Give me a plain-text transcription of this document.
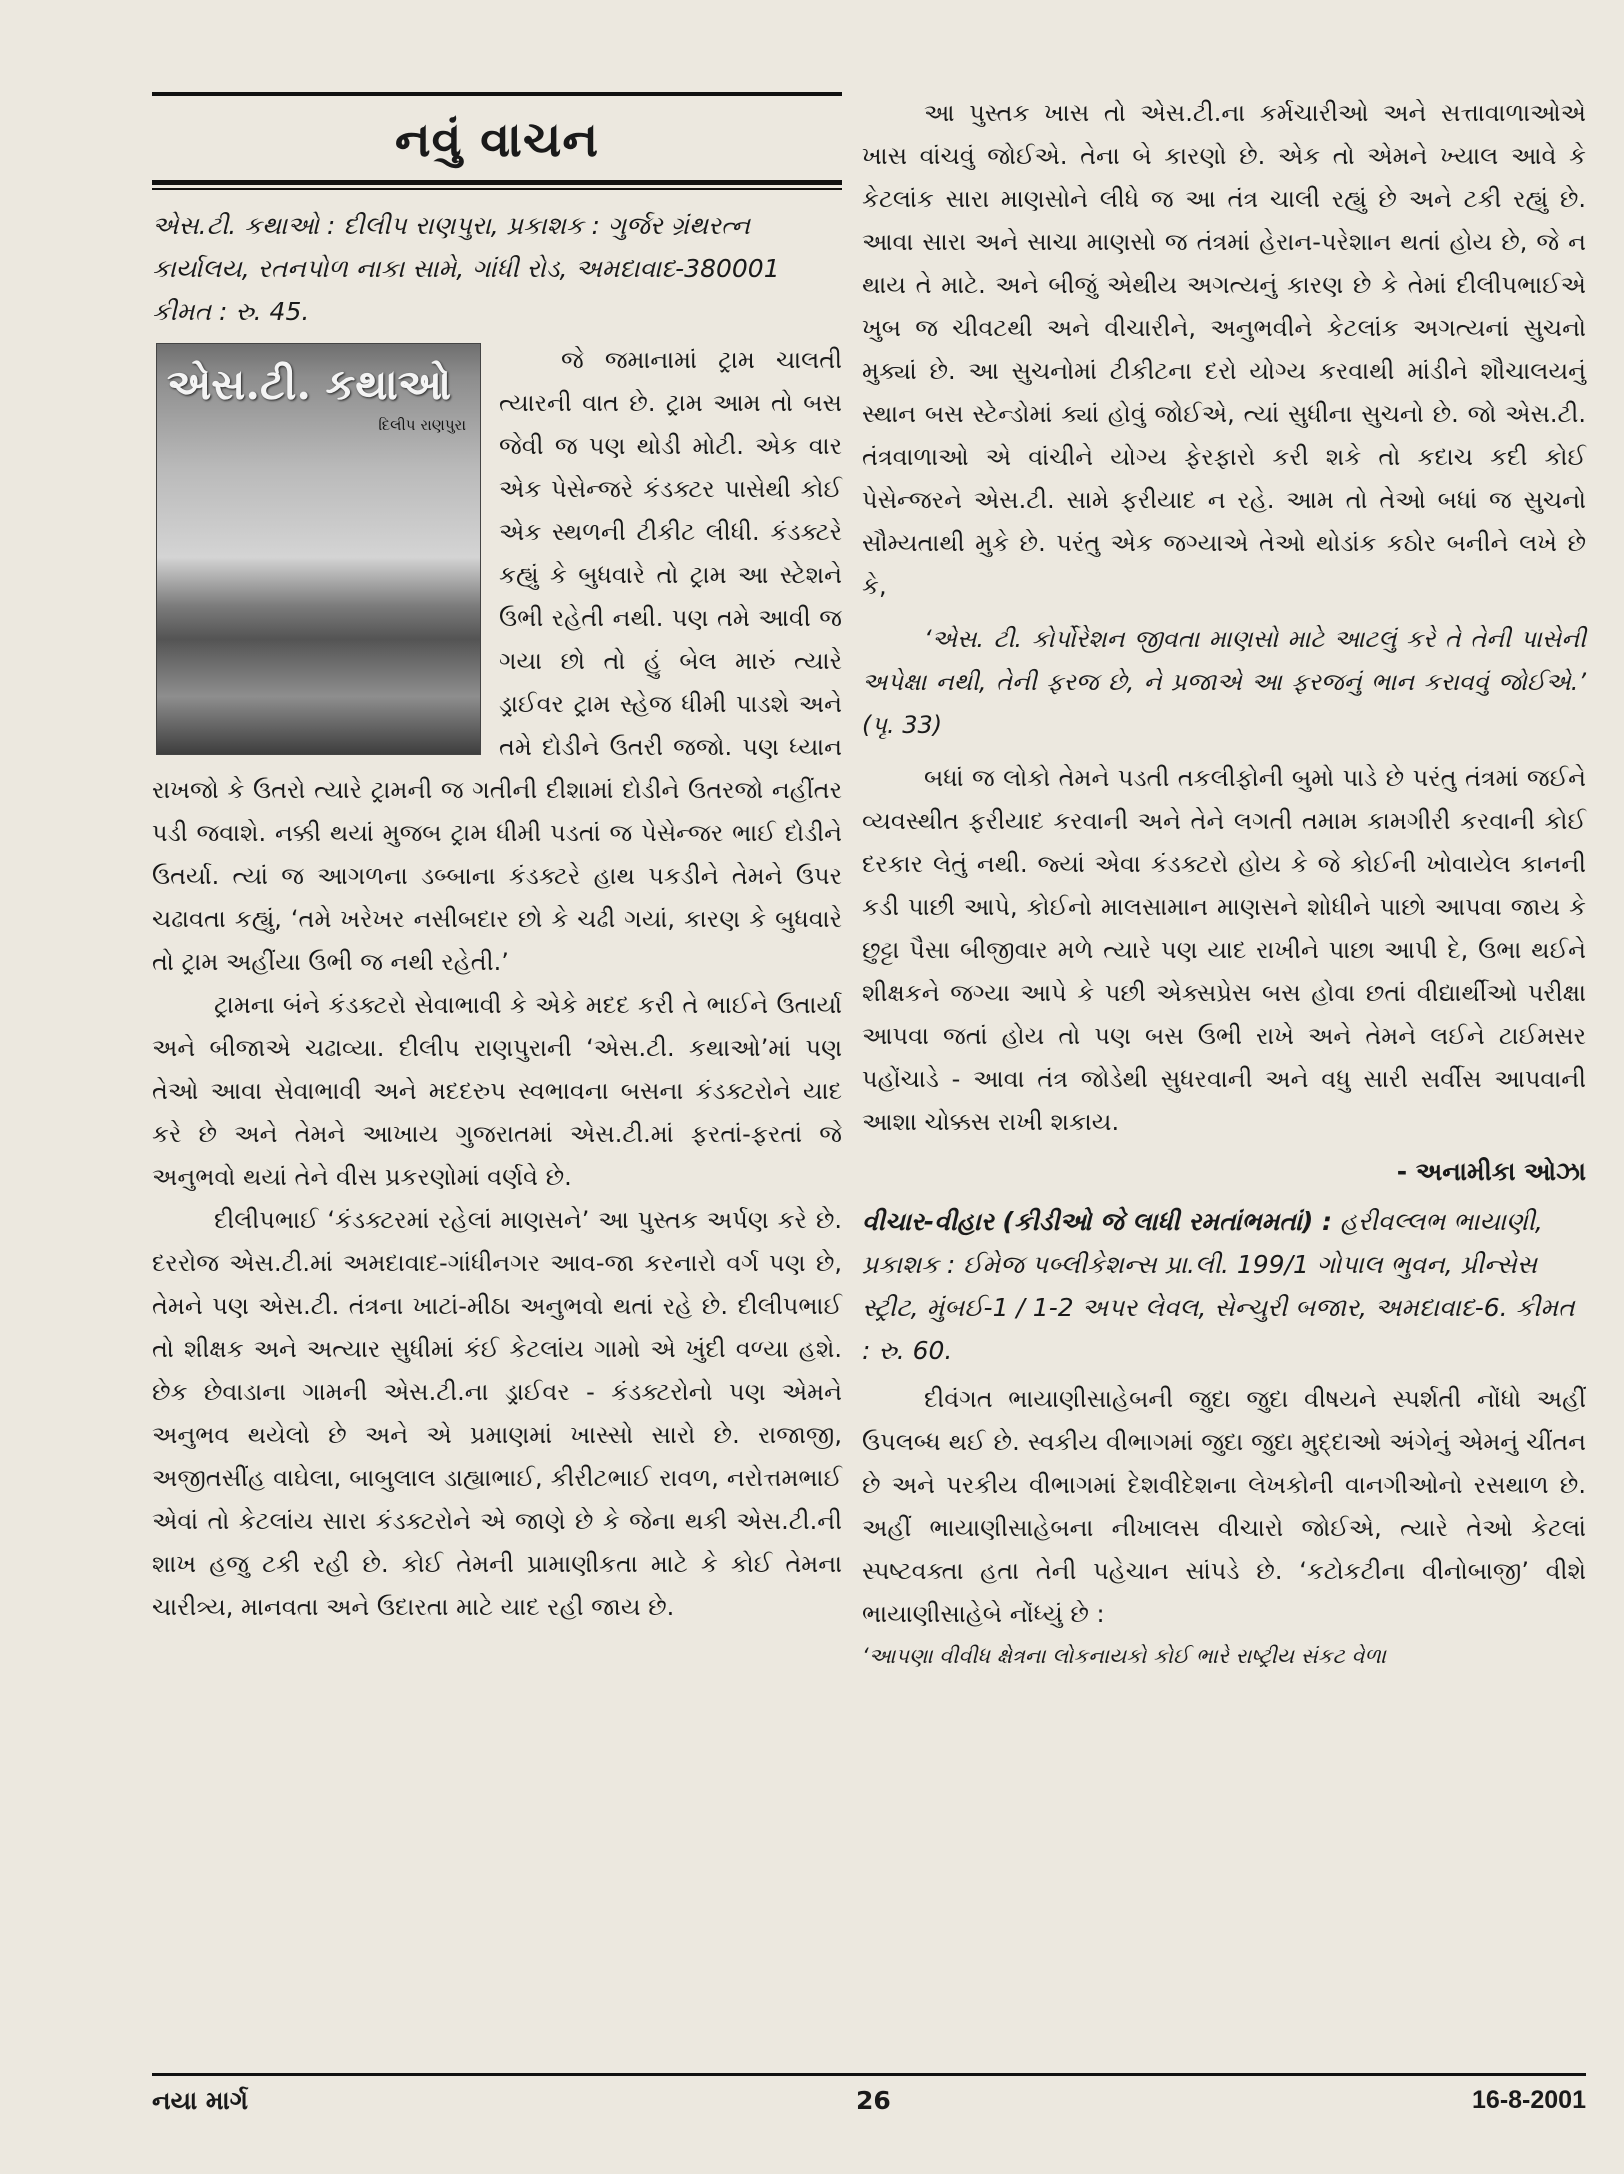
નવું વાચન

એસ.ટી. કથાઓ : દીલીપ રાણપુરા, પ્રકાશક : ગુર્જર ગ્રંથરત્ન કાર્યાલય, રતનપોળ નાકા સામે, ગાંધી રોડ, અમદાવાદ-380001 કીમત : રુ. 45.

એસ.ટી. કથાઓ
દિલીપ રાણપુરા

જે જમાનામાં ટ્રામ ચાલતી ત્યારની વાત છે. ટ્રામ આમ તો બસ જેવી જ પણ થોડી મોટી. એક વાર એક પેસેન્જરે કંડક્ટર પાસેથી કોઈ એક સ્થળની ટીકીટ લીધી. કંડક્ટરે કહ્યું કે બુધવારે તો ટ્રામ આ સ્ટેશને ઉભી રહેતી નથી. પણ તમે આવી જ ગયા છો તો હું બેલ મારું ત્યારે ડ્રાઈવર ટ્રામ સ્હેજ ધીમી પાડશે અને તમે દોડીને ઉતરી જજો. પણ ધ્યાન રાખજો કે ઉતરો ત્યારે ટ્રામની જ ગતીની દીશામાં દોડીને ઉતરજો નહીંતર પડી જવાશે. નક્કી થયાં મુજબ ટ્રામ ધીમી પડતાં જ પેસેન્જર ભાઈ દોડીને ઉતર્યા. ત્યાં જ આગળના ડબ્બાના કંડક્ટરે હાથ પકડીને તેમને ઉપર ચઢાવતા કહ્યું, ‘તમે ખરેખર નસીબદાર છો કે ચઢી ગયાં, કારણ કે બુધવારે તો ટ્રામ અહીંયા ઉભી જ નથી રહેતી.’

ટ્રામના બંને કંડક્ટરો સેવાભાવી કે એકે મદદ કરી તે ભાઈને ઉતાર્યા અને બીજાએ ચઢાવ્યા. દીલીપ રાણપુરાની ‘એસ.ટી. કથાઓ’માં પણ તેઓ આવા સેવાભાવી અને મદદરુપ સ્વભાવના બસના કંડક્ટરોને યાદ કરે છે અને તેમને આખાય ગુજરાતમાં એસ.ટી.માં ફરતાં-ફરતાં જે અનુભવો થયાં તેને વીસ પ્રકરણોમાં વર્ણવે છે.

દીલીપભાઈ ‘કંડક્ટરમાં રહેલાં માણસને’ આ પુસ્તક અર્પણ કરે છે. દરરોજ એસ.ટી.માં અમદાવાદ-ગાંધીનગર આવ-જા કરનારો વર્ગ પણ છે, તેમને પણ એસ.ટી. તંત્રના ખાટાં-મીઠા અનુભવો થતાં રહે છે. દીલીપભાઈ તો શીક્ષક અને અત્યાર સુધીમાં કંઈ કેટલાંય ગામો એ ખુંદી વળ્યા હશે. છેક છેવાડાના ગામની એસ.ટી.ના ડ્રાઈવર - કંડક્ટરોનો પણ એમને અનુભવ થયેલો છે અને એ પ્રમાણમાં ખાસ્સો સારો છે. રાજાજી, અજીતસીંહ વાઘેલા, બાબુલાલ ડાહ્યાભાઈ, કીરીટભાઈ રાવળ, નરોત્તમભાઈ એવાં તો કેટલાંય સારા કંડક્ટરોને એ જાણે છે કે જેના થકી એસ.ટી.ની શાખ હજુ ટકી રહી છે. કોઈ તેમની પ્રામાણીકતા માટે કે કોઈ તેમના ચારીત્ર્ય, માનવતા અને ઉદારતા માટે યાદ રહી જાય છે.

આ પુસ્તક ખાસ તો એસ.ટી.ના કર્મચારીઓ અને સત્તાવાળાઓએ ખાસ વાંચવું જોઈએ. તેના બે કારણો છે. એક તો એમને ખ્યાલ આવે કે કેટલાંક સારા માણસોને લીધે જ આ તંત્ર ચાલી રહ્યું છે અને ટકી રહ્યું છે. આવા સારા અને સાચા માણસો જ તંત્રમાં હેરાન-પરેશાન થતાં હોય છે, જે ન થાય તે માટે. અને બીજું એથીય અગત્યનું કારણ છે કે તેમાં દીલીપભાઈએ ખુબ જ ચીવટથી અને વીચારીને, અનુભવીને કેટલાંક અગત્યનાં સુચનો મુક્યાં છે. આ સુચનોમાં ટીકીટના દરો યોગ્ય કરવાથી માંડીને શૌચાલયનું સ્થાન બસ સ્ટેન્ડોમાં ક્યાં હોવું જોઈએ, ત્યાં સુધીના સુચનો છે. જો એસ.ટી. તંત્રવાળાઓ એ વાંચીને યોગ્ય ફેરફારો કરી શકે તો કદાચ કદી કોઈ પેસેન્જરને એસ.ટી. સામે ફરીયાદ ન રહે. આમ તો તેઓ બધાં જ સુચનો સૌમ્યતાથી મુકે છે. પરંતુ એક જગ્યાએ તેઓ થોડાંક કઠોર બનીને લખે છે કે,

‘એસ. ટી. કોર્પોરેશન જીવતા માણસો માટે આટલું કરે તે તેની પાસેની અપેક્ષા નથી, તેની ફરજ છે, ને પ્રજાએ આ ફરજનું ભાન કરાવવું જોઈએ.’ (પૃ. 33)

બધાં જ લોકો તેમને પડતી તકલીફોની બુમો પાડે છે પરંતુ તંત્રમાં જઈને વ્યવસ્થીત ફરીયાદ કરવાની અને તેને લગતી તમામ કામગીરી કરવાની કોઈ દરકાર લેતું નથી. જ્યાં એવા કંડક્ટરો હોય કે જે કોઈની ખોવાયેલ કાનની કડી પાછી આપે, કોઈનો માલસામાન માણસને શોધીને પાછો આપવા જાય કે છુટ્ટા પૈસા બીજીવાર મળે ત્યારે પણ યાદ રાખીને પાછા આપી દે, ઉભા થઈને શીક્ષકને જગ્યા આપે કે પછી એક્સપ્રેસ બસ હોવા છતાં વીદ્યાર્થીઓ પરીક્ષા આપવા જતાં હોય તો પણ બસ ઉભી રાખે અને તેમને લઈને ટાઈમસર પહોંચાડે - આવા તંત્ર જોડેથી સુધરવાની અને વધુ સારી સર્વીસ આપવાની આશા ચોક્કસ રાખી શકાય.

- અનામીકા ઓઝા

વીચાર-વીહાર (કીડીઓ જે લાધી રમતાંભમતાં) : હરીવલ્લભ ભાયાણી, પ્રકાશક : ઈમેજ પબ્લીકેશન્સ પ્રા.લી. 199/1 ગોપાલ ભુવન, પ્રીન્સેસ સ્ટ્રીટ, મુંબઈ-1 / 1-2 અપર લેવલ, સેન્ચુરી બજાર, અમદાવાદ-6. કીમત : રુ. 60.

દીવંગત ભાયાણીસાહેબની જુદા જુદા વીષયને સ્પર્શતી નોંધો અહીં ઉપલબ્ધ થઈ છે. સ્વકીય વીભાગમાં જુદા જુદા મુદ્દાઓ અંગેનું એમનું ચીંતન છે અને પરકીય વીભાગમાં દેશવીદેશના લેખકોની વાનગીઓનો રસથાળ છે. અહીં ભાયાણીસાહેબના નીખાલસ વીચારો જોઈએ, ત્યારે તેઓ કેટલાં સ્પષ્ટવક્તા હતા તેની પહેચાન સાંપડે છે. ‘કટોકટીના વીનોબાજી’ વીશે ભાયાણીસાહેબે નોંધ્યું છે :

‘આપણા વીવીધ ક્ષેત્રના લોકનાયકો કોઈ ભારે રાષ્ટ્રીય સંકટ વેળા

નયા માર્ગ	26	16-8-2001
